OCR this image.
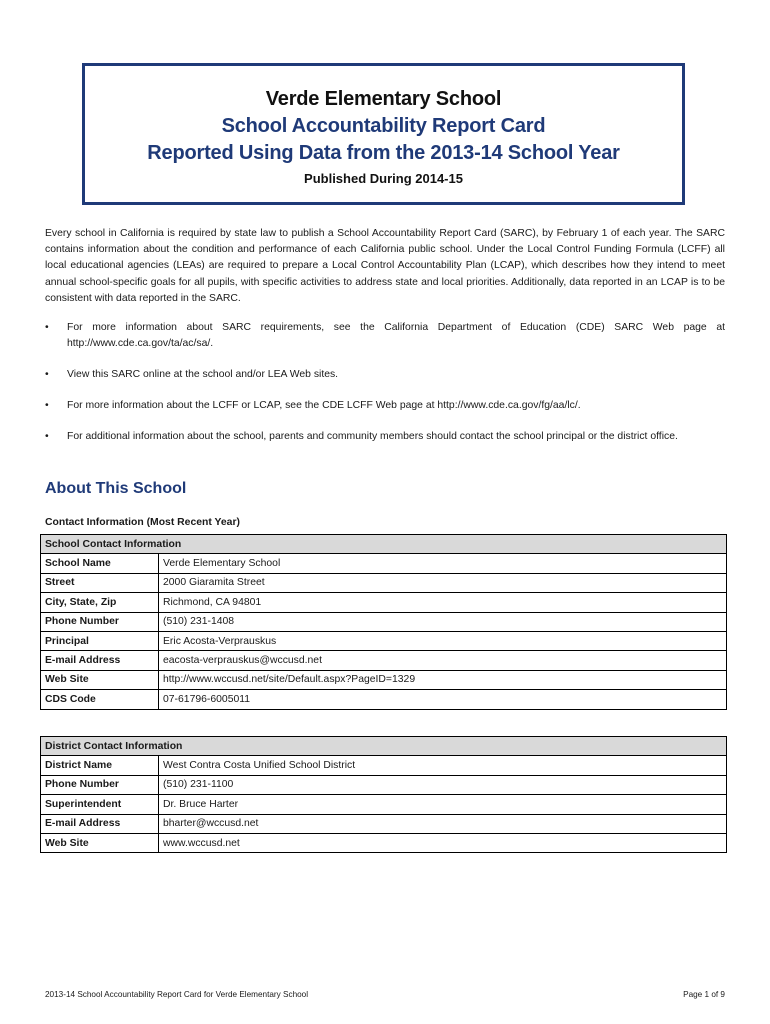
Verde Elementary School
School Accountability Report Card
Reported Using Data from the 2013-14 School Year
Published During 2014-15

Every school in California is required by state law to publish a School Accountability Report Card (SARC), by February 1 of each year. The SARC contains information about the condition and performance of each California public school. Under the Local Control Funding Formula (LCFF) all local educational agencies (LEAs) are required to prepare a Local Control Accountability Plan (LCAP), which describes how they intend to meet annual school-specific goals for all pupils, with specific activities to address state and local priorities. Additionally, data reported in an LCAP is to be consistent with data reported in the SARC.

• For more information about SARC requirements, see the California Department of Education (CDE) SARC Web page at http://www.cde.ca.gov/ta/ac/sa/.
• View this SARC online at the school and/or LEA Web sites.
• For more information about the LCFF or LCAP, see the CDE LCFF Web page at http://www.cde.ca.gov/fg/aa/lc/.
• For additional information about the school, parents and community members should contact the school principal or the district office.
About This School

Contact Information (Most Recent Year)

School Contact Information	
School Name	Verde Elementary School
Street	2000 Giaramita Street
City, State, Zip	Richmond, CA 94801
Phone Number	(510) 231-1408
Principal	Eric Acosta-Verprauskus
E-mail Address	eacosta-verprauskus@wccusd.net
Web Site	http://www.wccusd.net/site/Default.aspx?PageID=1329
CDS Code	07-61796-6005011
District Contact Information	
District Name	West Contra Costa Unified School District
Phone Number	(510) 231-1100
Superintendent	Dr. Bruce Harter
E-mail Address	bharter@wccusd.net
Web Site	www.wccusd.net
2013-14 School Accountability Report Card for Verde Elementary School	Page 1 of 9
